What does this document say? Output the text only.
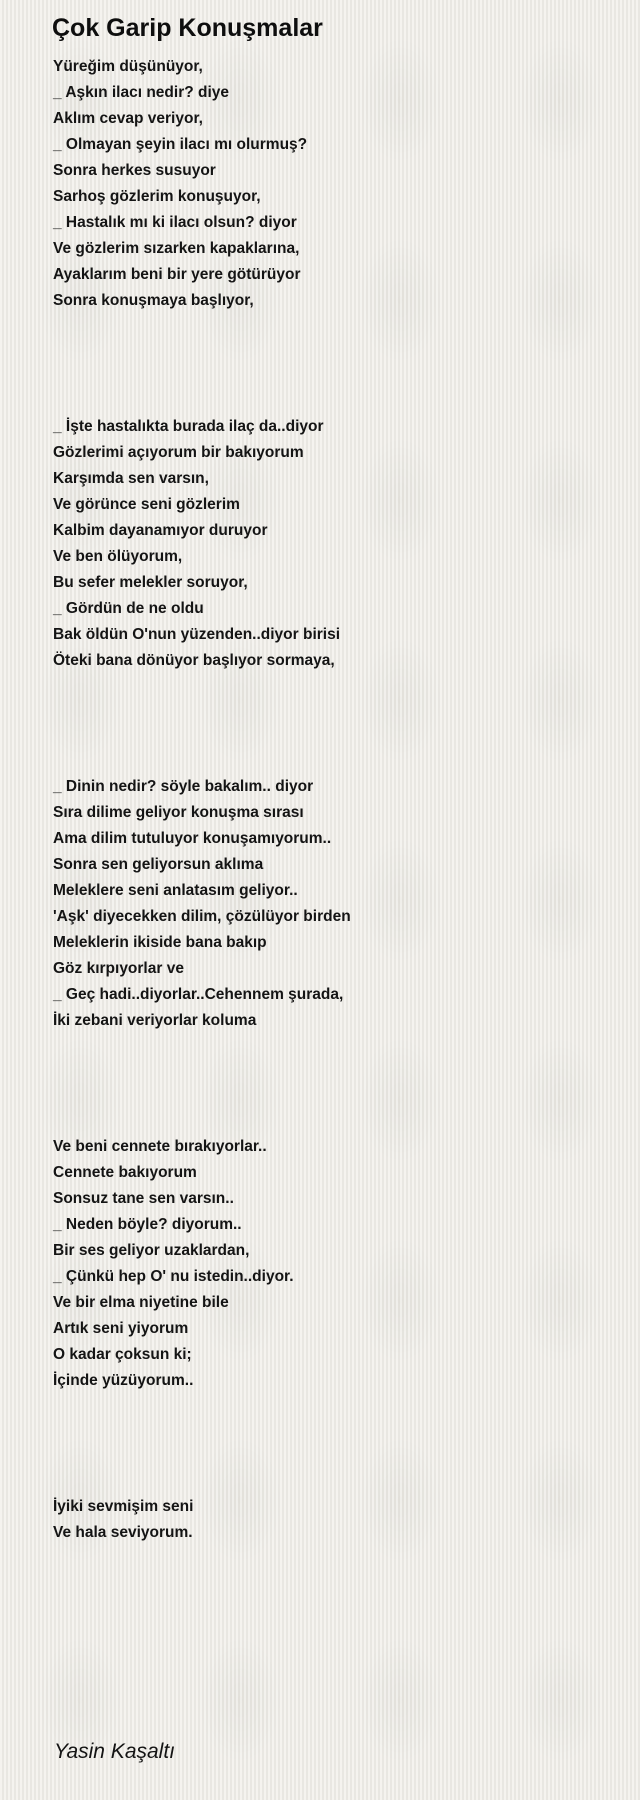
Çok Garip Konuşmalar
Yüreğim düşünüyor,
_ Aşkın ilacı nedir? diye
Aklım cevap veriyor,
_ Olmayan şeyin ilacı mı olurmuş?
Sonra herkes susuyor
Sarhoş gözlerim konuşuyor,
_ Hastalık mı ki ilacı olsun? diyor
Ve gözlerim sızarken kapaklarına,
Ayaklarım beni bir yere götürüyor
Sonra konuşmaya başlıyor,
_ İşte hastalıkta burada ilaç da..diyor
Gözlerimi açıyorum bir bakıyorum
Karşımda sen varsın,
Ve görünce seni gözlerim
Kalbim dayanamıyor duruyor
Ve ben ölüyorum,
Bu sefer melekler soruyor,
_ Gördün de ne oldu
Bak öldün O'nun yüzenden..diyor birisi
Öteki bana dönüyor başlıyor sormaya,
_ Dinin nedir? söyle bakalım.. diyor
Sıra dilime geliyor konuşma sırası
Ama dilim tutuluyor konuşamıyorum..
Sonra sen geliyorsun aklıma
Meleklere seni anlatasım geliyor..
'Aşk' diyecekken dilim, çözülüyor birden
Meleklerin ikiside bana bakıp
Göz kırpıyorlar ve
_ Geç hadi..diyorlar..Cehennem şurada,
İki zebani veriyorlar koluma
Ve beni cennete bırakıyorlar..
Cennete bakıyorum
Sonsuz tane sen varsın..
_ Neden böyle? diyorum..
Bir ses geliyor uzaklardan,
_ Çünkü hep O' nu istedin..diyor.
Ve bir elma niyetine bile
Artık seni yiyorum
O kadar çoksun ki;
İçinde yüzüyorum..
İyiki sevmişim seni
Ve hala seviyorum.
Yasin Kaşaltı
